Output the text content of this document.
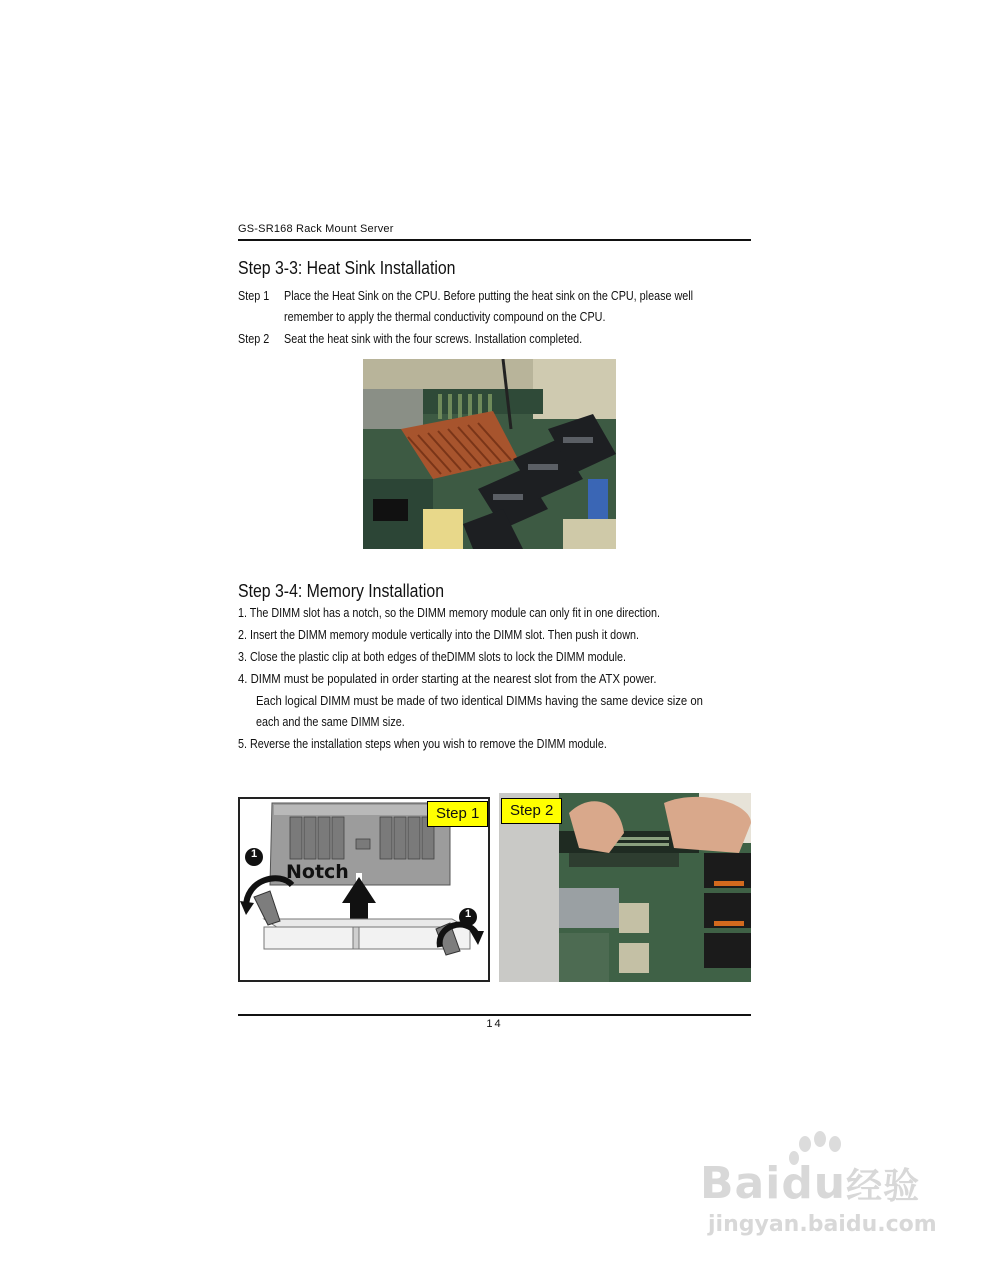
GS-SR168 Rack Mount Server
Step 3-3: Heat Sink Installation
Step 1 Place the Heat Sink on the CPU. Before putting the heat sink on the CPU, please well
remember to apply the thermal conductivity compound on the CPU.
Step 2 Seat the heat sink with the four screws. Installation completed.
Step 3-4: Memory Installation
1. The DIMM slot has a notch, so the DIMM memory module can only fit in one direction.
2. Insert the DIMM memory module vertically into the DIMM slot. Then push it down.
3. Close the plastic clip at both edges of theDIMM slots to lock the DIMM module.
4. DIMM must be populated in order starting at the nearest slot from the ATX power.
Each logical DIMM must be made of two identical DIMMs having the same device size on
each and the same DIMM size.
5. Reverse the installation steps when you wish to remove the DIMM module.
1
1
Notch
Step 1	Step 2
14
Baidu经验
jingyan.baidu.com
